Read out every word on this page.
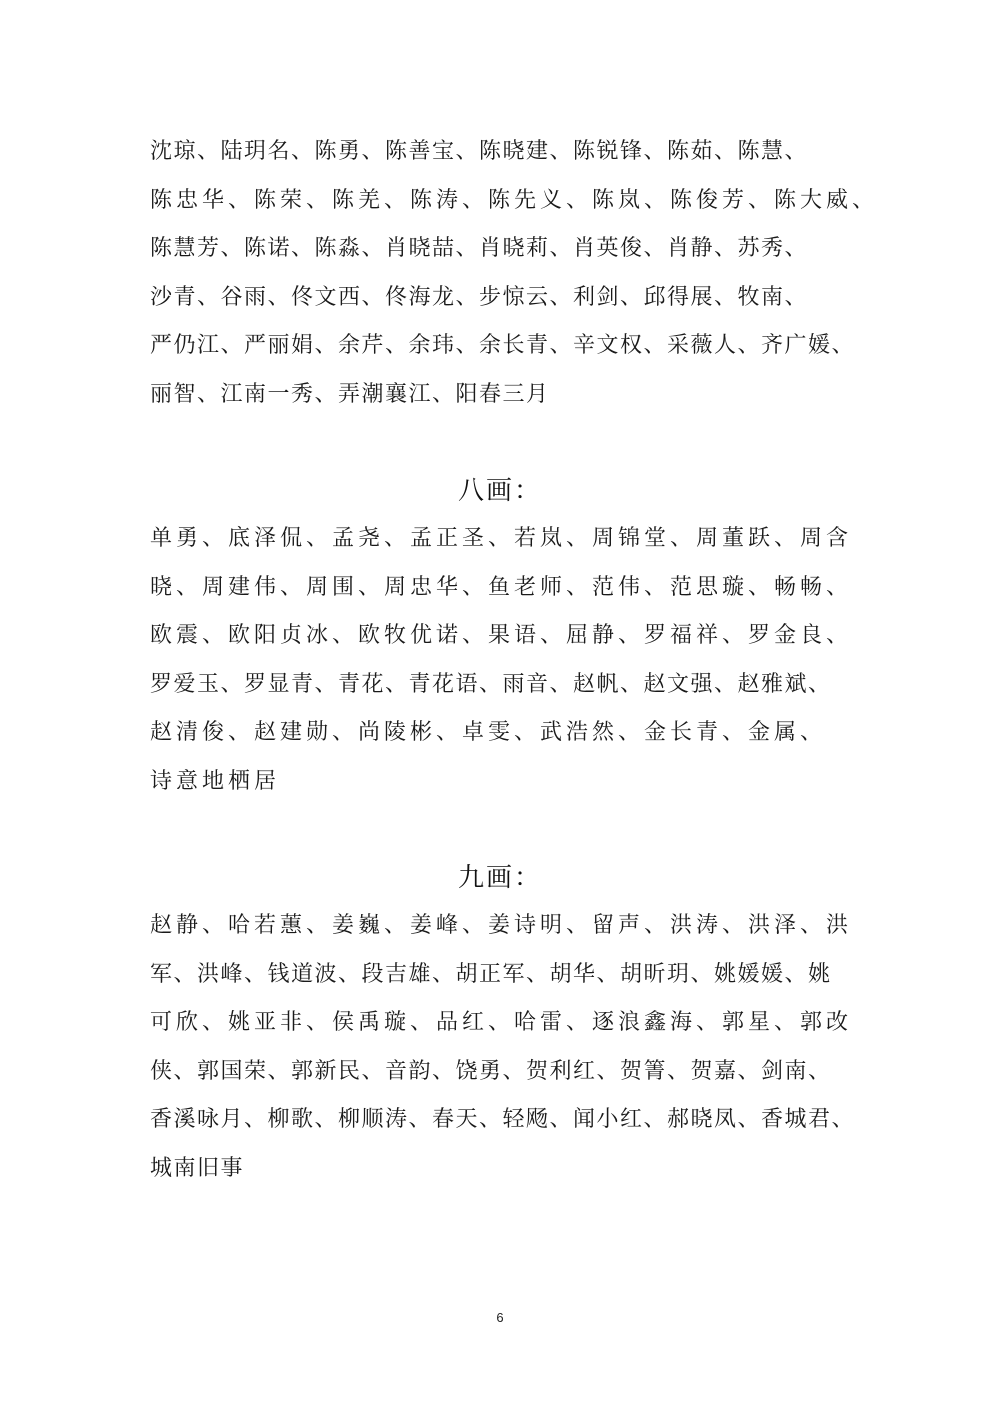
沈琼、陆玥名、陈勇、陈善宝、陈晓建、陈锐锋、陈茹、陈慧、
陈忠华、陈荣、陈羌、陈涛、陈先义、陈岚、陈俊芳、陈大威、
陈慧芳、陈诺、陈淼、肖晓喆、肖晓莉、肖英俊、肖静、苏秀、
沙青、谷雨、佟文西、佟海龙、步惊云、利剑、邱得展、牧南、
严仍江、严丽娟、余芹、余玮、余长青、辛文权、采薇人、齐广媛、
丽智、江南一秀、弄潮襄江、阳春三月
八画：
单勇、底泽侃、孟尧、孟正圣、若岚、周锦堂、周董跃、周含
晓、周建伟、周围、周忠华、鱼老师、范伟、范思璇、畅畅、
欧震、欧阳贞冰、欧牧优诺、果语、屈静、罗福祥、罗金良、
罗爱玉、罗显青、青花、青花语、雨音、赵帆、赵文强、赵雅斌、
赵清俊、赵建勋、尚陵彬、卓雯、武浩然、金长青、金属、
诗意地栖居
九画：
赵静、哈若蕙、姜巍、姜峰、姜诗明、留声、洪涛、洪泽、洪
军、洪峰、钱道波、段吉雄、胡正军、胡华、胡昕玥、姚媛媛、姚
可欣、姚亚非、侯禹璇、品红、哈雷、逐浪鑫海、郭星、郭改
侠、郭国荣、郭新民、音韵、饶勇、贺利红、贺箐、贺嘉、剑南、
香溪咏月、柳歌、柳顺涛、春天、轻飏、闻小红、郝晓凤、香城君、
城南旧事
6
